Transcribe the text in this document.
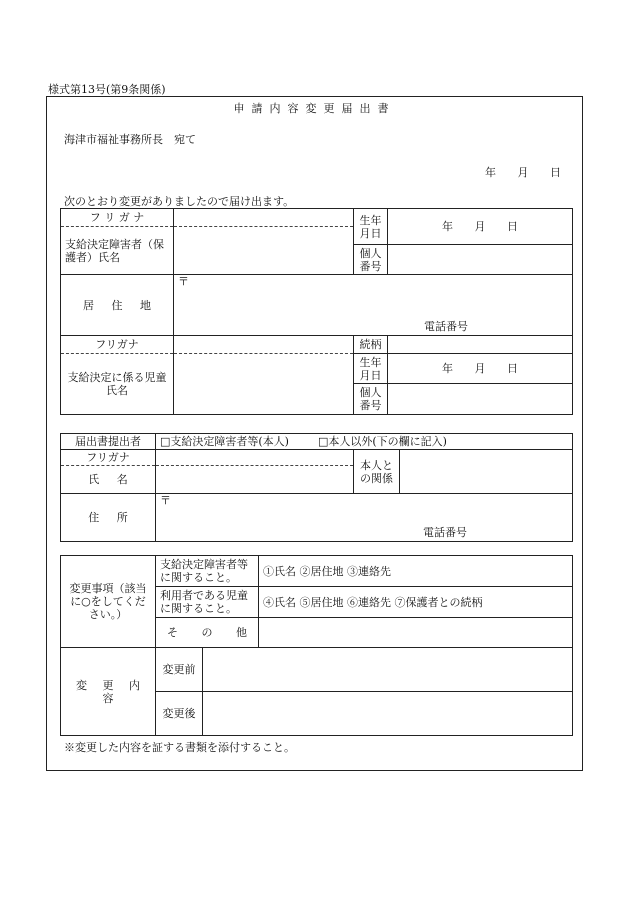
様式第13号(第9条関係)
申請内容変更届出書
海津市福祉事務所長　宛て
年 月 日
次のとおり変更がありましたので届け出ます。
フ リ ガ ナ		生年月日	年 月 日
支給決定障害者（保護者）氏名			
		個人番号	
居 住 地	〒
電話番号		

フリガナ		続柄	
支給決定に係る児童氏名		生年月日	年 月 日
		個人番号	
届出書提出者	□支給決定障害者等(本人) □本人以外(下の欄に記入)		
フリガナ		本人との関係	
氏 名			
住 所	〒
電話番号		
変更事項（該当に○をしてください。）	支給決定障害者等に関すること。		①氏名 ②居住地 ③連絡先
	利用者である児童に関すること。		④氏名 ⑤居住地 ⑥連絡先 ⑦保護者との続柄
	そ の 他		
変 更 内 容	変更前		
	変更後		
※変更した内容を証する書類を添付すること。
